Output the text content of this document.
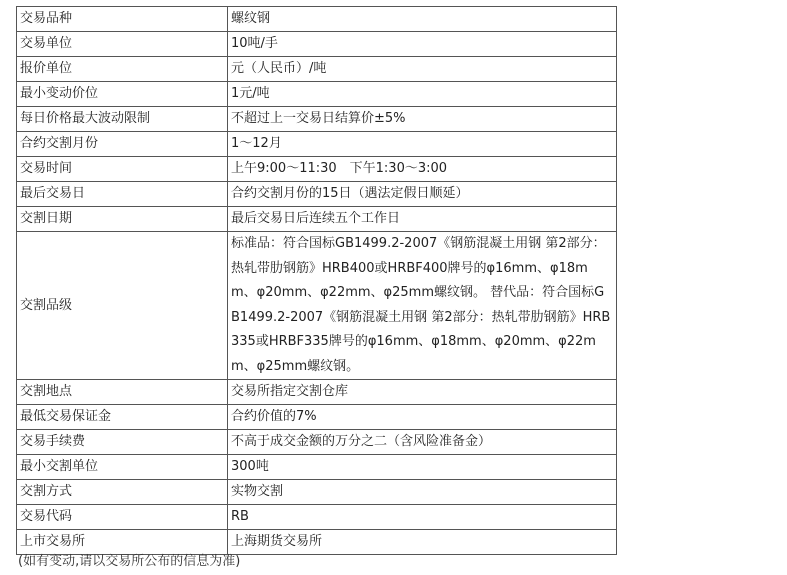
交易品种	螺纹钢
交易单位	10吨/手
报价单位	元（人民币）/吨
最小变动价位	1元/吨
每日价格最大波动限制	不超过上一交易日结算价±5%
合约交割月份	1～12月
交易时间	上午9:00～11:30　下午1:30～3:00
最后交易日	合约交割月份的15日（遇法定假日顺延）
交割日期	最后交易日后连续五个工作日
交割品级	标准品：符合国标GB1499.2-2007《钢筋混凝土用钢 第2部分：热轧带肋钢筋》HRB400或HRBF400牌号的φ16mm、φ18mm、φ20mm、φ22mm、φ25mm螺纹钢。 替代品：符合国标GB1499.2-2007《钢筋混凝土用钢 第2部分：热轧带肋钢筋》HRB335或HRBF335牌号的φ16mm、φ18mm、φ20mm、φ22mm、φ25mm螺纹钢。
交割地点	交易所指定交割仓库
最低交易保证金	合约价值的7%
交易手续费	不高于成交金额的万分之二（含风险准备金）
最小交割单位	300吨
交割方式	实物交割
交易代码	RB
上市交易所	上海期货交易所
(如有变动,请以交易所公布的信息为准)
